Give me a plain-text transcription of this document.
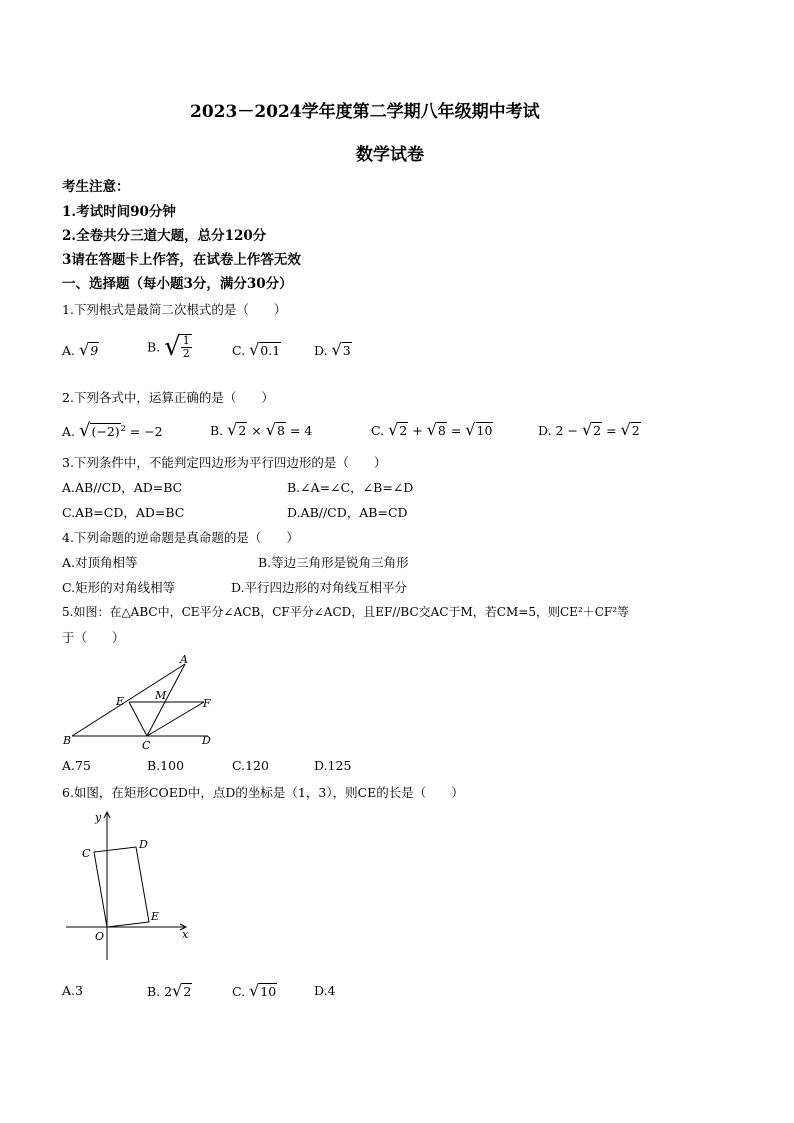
2023－2024学年度第二学期八年级期中考试
数学试卷
考生注意：
1.考试时间90分钟
2.全卷共分三道大题，总分120分
3请在答题卡上作答，在试卷上作答无效
一、选择题（每小题3分，满分30分）
1.下列根式是最简二次根式的是（　　）
A. √9	B. √ $\frac{1}{2}$	C. √0.1	D. √3
2.下列各式中，运算正确的是（　　）
A. $√(-2)^2 = -2$	B. √2 × √8 = 4	C. √2 + √8 = √10	D. 2 − √2 = √2
3.下列条件中，不能判定四边形为平行四边形的是（　　）
A.AB//CD，AD=BC	B.∠A=∠C，∠B=∠D
C.AB=CD，AD=BC	D.AB//CD，AB=CD
4.下列命题的逆命题是真命题的是（　　）
A.对顶角相等	B.等边三角形是锐角三角形
C.矩形的对角线相等	D.平行四边形的对角线互相平分
5.如图：在△ABC中，CE平分∠ACB，CF平分∠ACD，且EF//BC交AC于M，若CM=5，则CE²＋CF²等
于（　　）
A
B	C	D
E	F
M
A.75	B.100	C.120	D.125
6.如图，在矩形COED中，点D的坐标是（1，3），则CE的长是（　　）
y
x
O
C
D
E
A.3	B. 2√2	C. √10	D.4
